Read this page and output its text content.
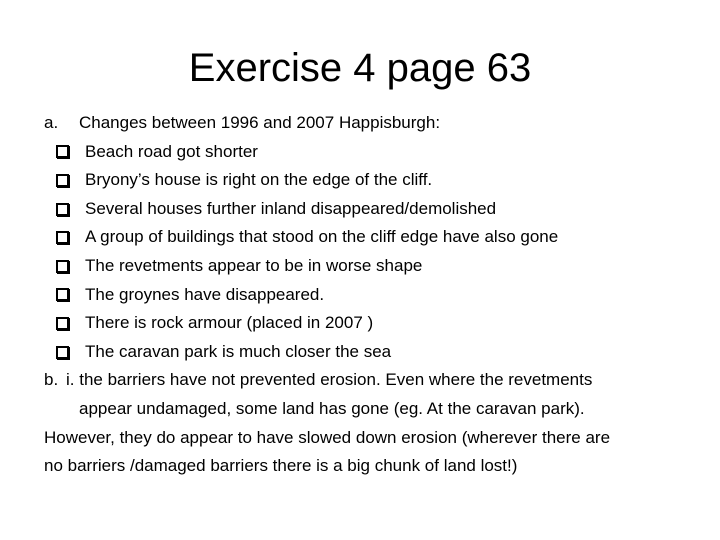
Exercise 4 page 63
a. Changes between 1996 and 2007 Happisburgh:
Beach road got shorter
Bryony’s house is right on the edge of the cliff.
Several houses further inland disappeared/demolished
A group of buildings that stood on the cliff edge have also gone
The revetments appear to be in worse shape
The groynes have disappeared.
There is rock armour (placed in 2007 )
The caravan park is much closer the sea
b. i. the barriers have not prevented erosion. Even where the revetments
appear undamaged, some land has gone (eg. At the caravan park).
However, they do appear to have slowed down erosion (wherever there are
no barriers /damaged barriers there is a big chunk of land lost!)
